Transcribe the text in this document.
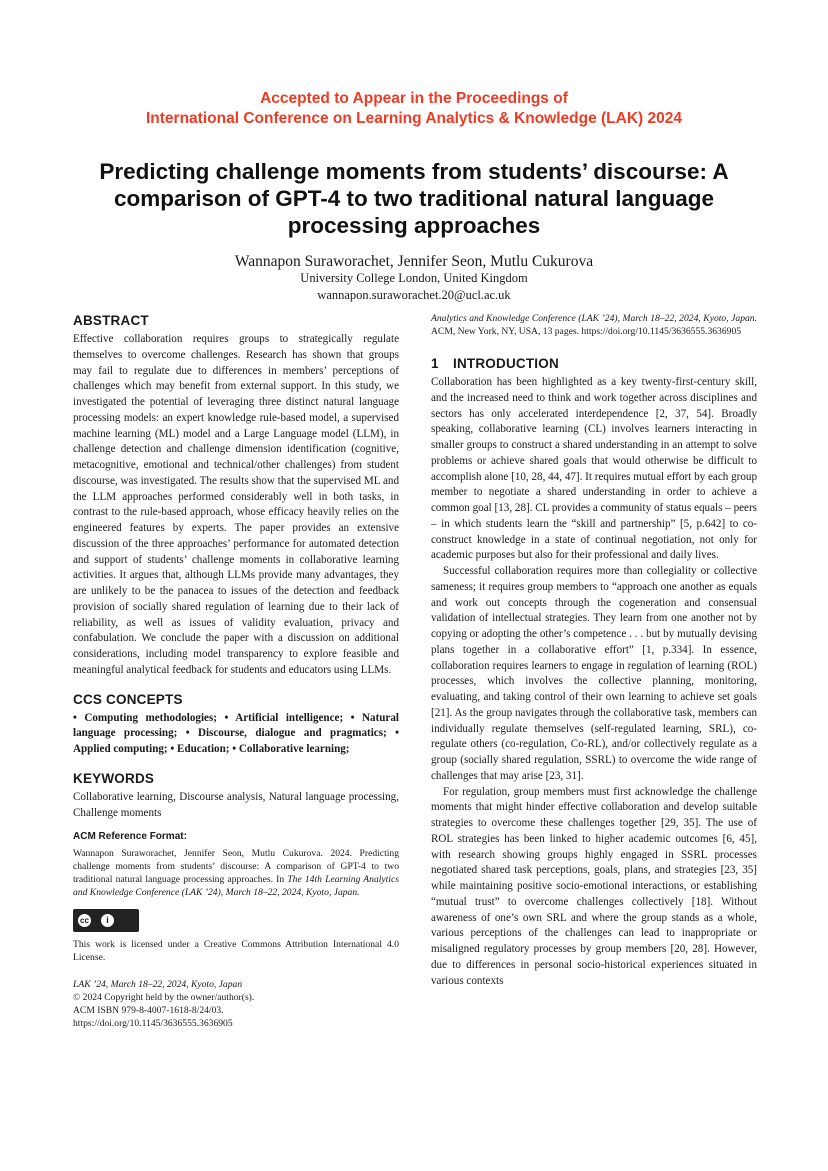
Accepted to Appear in the Proceedings of
International Conference on Learning Analytics & Knowledge (LAK) 2024
Predicting challenge moments from students’ discourse: A comparison of GPT-4 to two traditional natural language processing approaches
Wannapon Suraworachet, Jennifer Seon, Mutlu Cukurova
University College London, United Kingdom
wannapon.suraworachet.20@ucl.ac.uk
ABSTRACT

Effective collaboration requires groups to strategically regulate themselves to overcome challenges. Research has shown that groups may fail to regulate due to differences in members’ perceptions of challenges which may benefit from external support. In this study, we investigated the potential of leveraging three distinct natural language processing models: an expert knowledge rule-based model, a supervised machine learning (ML) model and a Large Language model (LLM), in challenge detection and challenge dimension identification (cognitive, metacognitive, emotional and technical/other challenges) from student discourse, was investigated. The results show that the supervised ML and the LLM approaches performed considerably well in both tasks, in contrast to the rule-based approach, whose efficacy heavily relies on the engineered features by experts. The paper provides an extensive discussion of the three approaches’ performance for automated detection and support of students’ challenge moments in collaborative learning activities. It argues that, although LLMs provide many advantages, they are unlikely to be the panacea to issues of the detection and feedback provision of socially shared regulation of learning due to their lack of reliability, as well as issues of validity evaluation, privacy and confabulation. We conclude the paper with a discussion on additional considerations, including model transparency to explore feasible and meaningful analytical feedback for students and educators using LLMs.

CCS CONCEPTS

• Computing methodologies; • Artificial intelligence; • Natural language processing; • Discourse, dialogue and pragmatics; • Applied computing; • Education; • Collaborative learning;

KEYWORDS

Collaborative learning, Discourse analysis, Natural language processing, Challenge moments

ACM Reference Format:

Wannapon Suraworachet, Jennifer Seon, Mutlu Cukurova. 2024. Predicting challenge moments from students’ discourse: A comparison of GPT-4 to two traditional natural language processing approaches. In The 14th Learning Analytics and Knowledge Conference (LAK ’24), March 18–22, 2024, Kyoto, Japan.

cc	i

This work is licensed under a Creative Commons Attribution International 4.0 License.

LAK ’24, March 18–22, 2024, Kyoto, Japan
© 2024 Copyright held by the owner/author(s).
ACM ISBN 979-8-4007-1618-8/24/03.
https://doi.org/10.1145/3636555.3636905

Analytics and Knowledge Conference (LAK ’24), March 18–22, 2024, Kyoto, Japan. ACM, New York, NY, USA, 13 pages. https://doi.org/10.1145/3636555.3636905

1 INTRODUCTION

Collaboration has been highlighted as a key twenty-first-century skill, and the increased need to think and work together across disciplines and sectors has only accelerated interdependence [2, 37, 54]. Broadly speaking, collaborative learning (CL) involves learners interacting in smaller groups to construct a shared understanding in an attempt to solve problems or achieve shared goals that would otherwise be difficult to accomplish alone [10, 28, 44, 47]. It requires mutual effort by each group member to negotiate a shared understanding in order to achieve a common goal [13, 28]. CL provides a community of status equals – peers – in which students learn the “skill and partnership” [5, p.642] to co-construct knowledge in a state of continual negotiation, not only for academic purposes but also for their professional and daily lives.

Successful collaboration requires more than collegiality or collective sameness; it requires group members to “approach one another as equals and work out concepts through the cogeneration and consensual validation of intellectual strategies. They learn from one another not by copying or adopting the other’s competence . . . but by mutually devising plans together in a collaborative effort” [1, p.334]. In essence, collaboration requires learners to engage in regulation of learning (ROL) processes, which involves the collective planning, monitoring, evaluating, and taking control of their own learning to achieve set goals [21]. As the group navigates through the collaborative task, members can individually regulate themselves (self-regulated learning, SRL), co-regulate others (co-regulation, Co-RL), and/or collectively regulate as a group (socially shared regulation, SSRL) to overcome the wide range of challenges that may arise [23, 31].

For regulation, group members must first acknowledge the challenge moments that might hinder effective collaboration and develop suitable strategies to overcome these challenges together [29, 35]. The use of ROL strategies has been linked to higher academic outcomes [6, 45], with research showing groups highly engaged in SSRL processes negotiated shared task perceptions, goals, plans, and strategies [23, 35] while maintaining positive socio-emotional interactions, or establishing “mutual trust” to overcome challenges collectively [18]. Without awareness of one’s own SRL and where the group stands as a whole, various perceptions of the challenges can lead to inappropriate or misaligned regulatory processes by group members [20, 28]. However, due to differences in personal socio-historical experiences situated in various contexts
